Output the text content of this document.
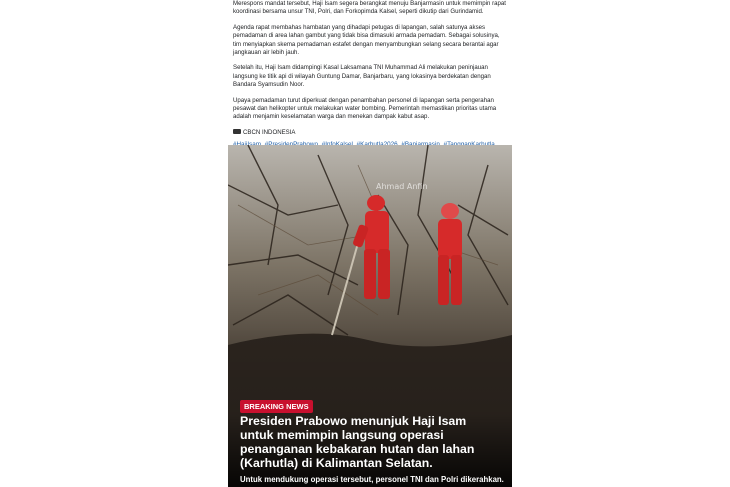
Merespons mandat tersebut, Haji Isam segera berangkat menuju Banjarmasin untuk memimpin rapat koordinasi bersama unsur TNI, Polri, dan Forkopimda Kalsel, seperti dikutip dari Gurindamid.

Agenda rapat membahas hambatan yang dihadapi petugas di lapangan, salah satunya akses pemadaman di area lahan gambut yang tidak bisa dimasuki armada pemadam. Sebagai solusinya, tim menyiapkan skema pemadaman estafet dengan menyambungkan selang secara berantai agar jangkauan air lebih jauh.

Setelah itu, Haji Isam didampingi Kasal Laksamana TNI Muhammad Ali melakukan peninjauan langsung ke titik api di wilayah Guntung Damar, Banjarbaru, yang lokasinya berdekatan dengan Bandara Syamsudin Noor.

Upaya pemadaman turut diperkuat dengan penambahan personel di lapangan serta pengerahan pesawat dan helikopter untuk melakukan water bombing. Pemerintah memastikan prioritas utama adalah menjamin keselamatan warga dan menekan dampak kabut asap.

CBCN INDONESIA
Ahmad Anfin
BREAKING NEWS
Presiden Prabowo menunjuk Haji Isam untuk memimpin langsung operasi penanganan kebakaran hutan dan lahan (Karhutla) di Kalimantan Selatan.
Untuk mendukung operasi tersebut, personel TNI dan Polri dikerahkan.
